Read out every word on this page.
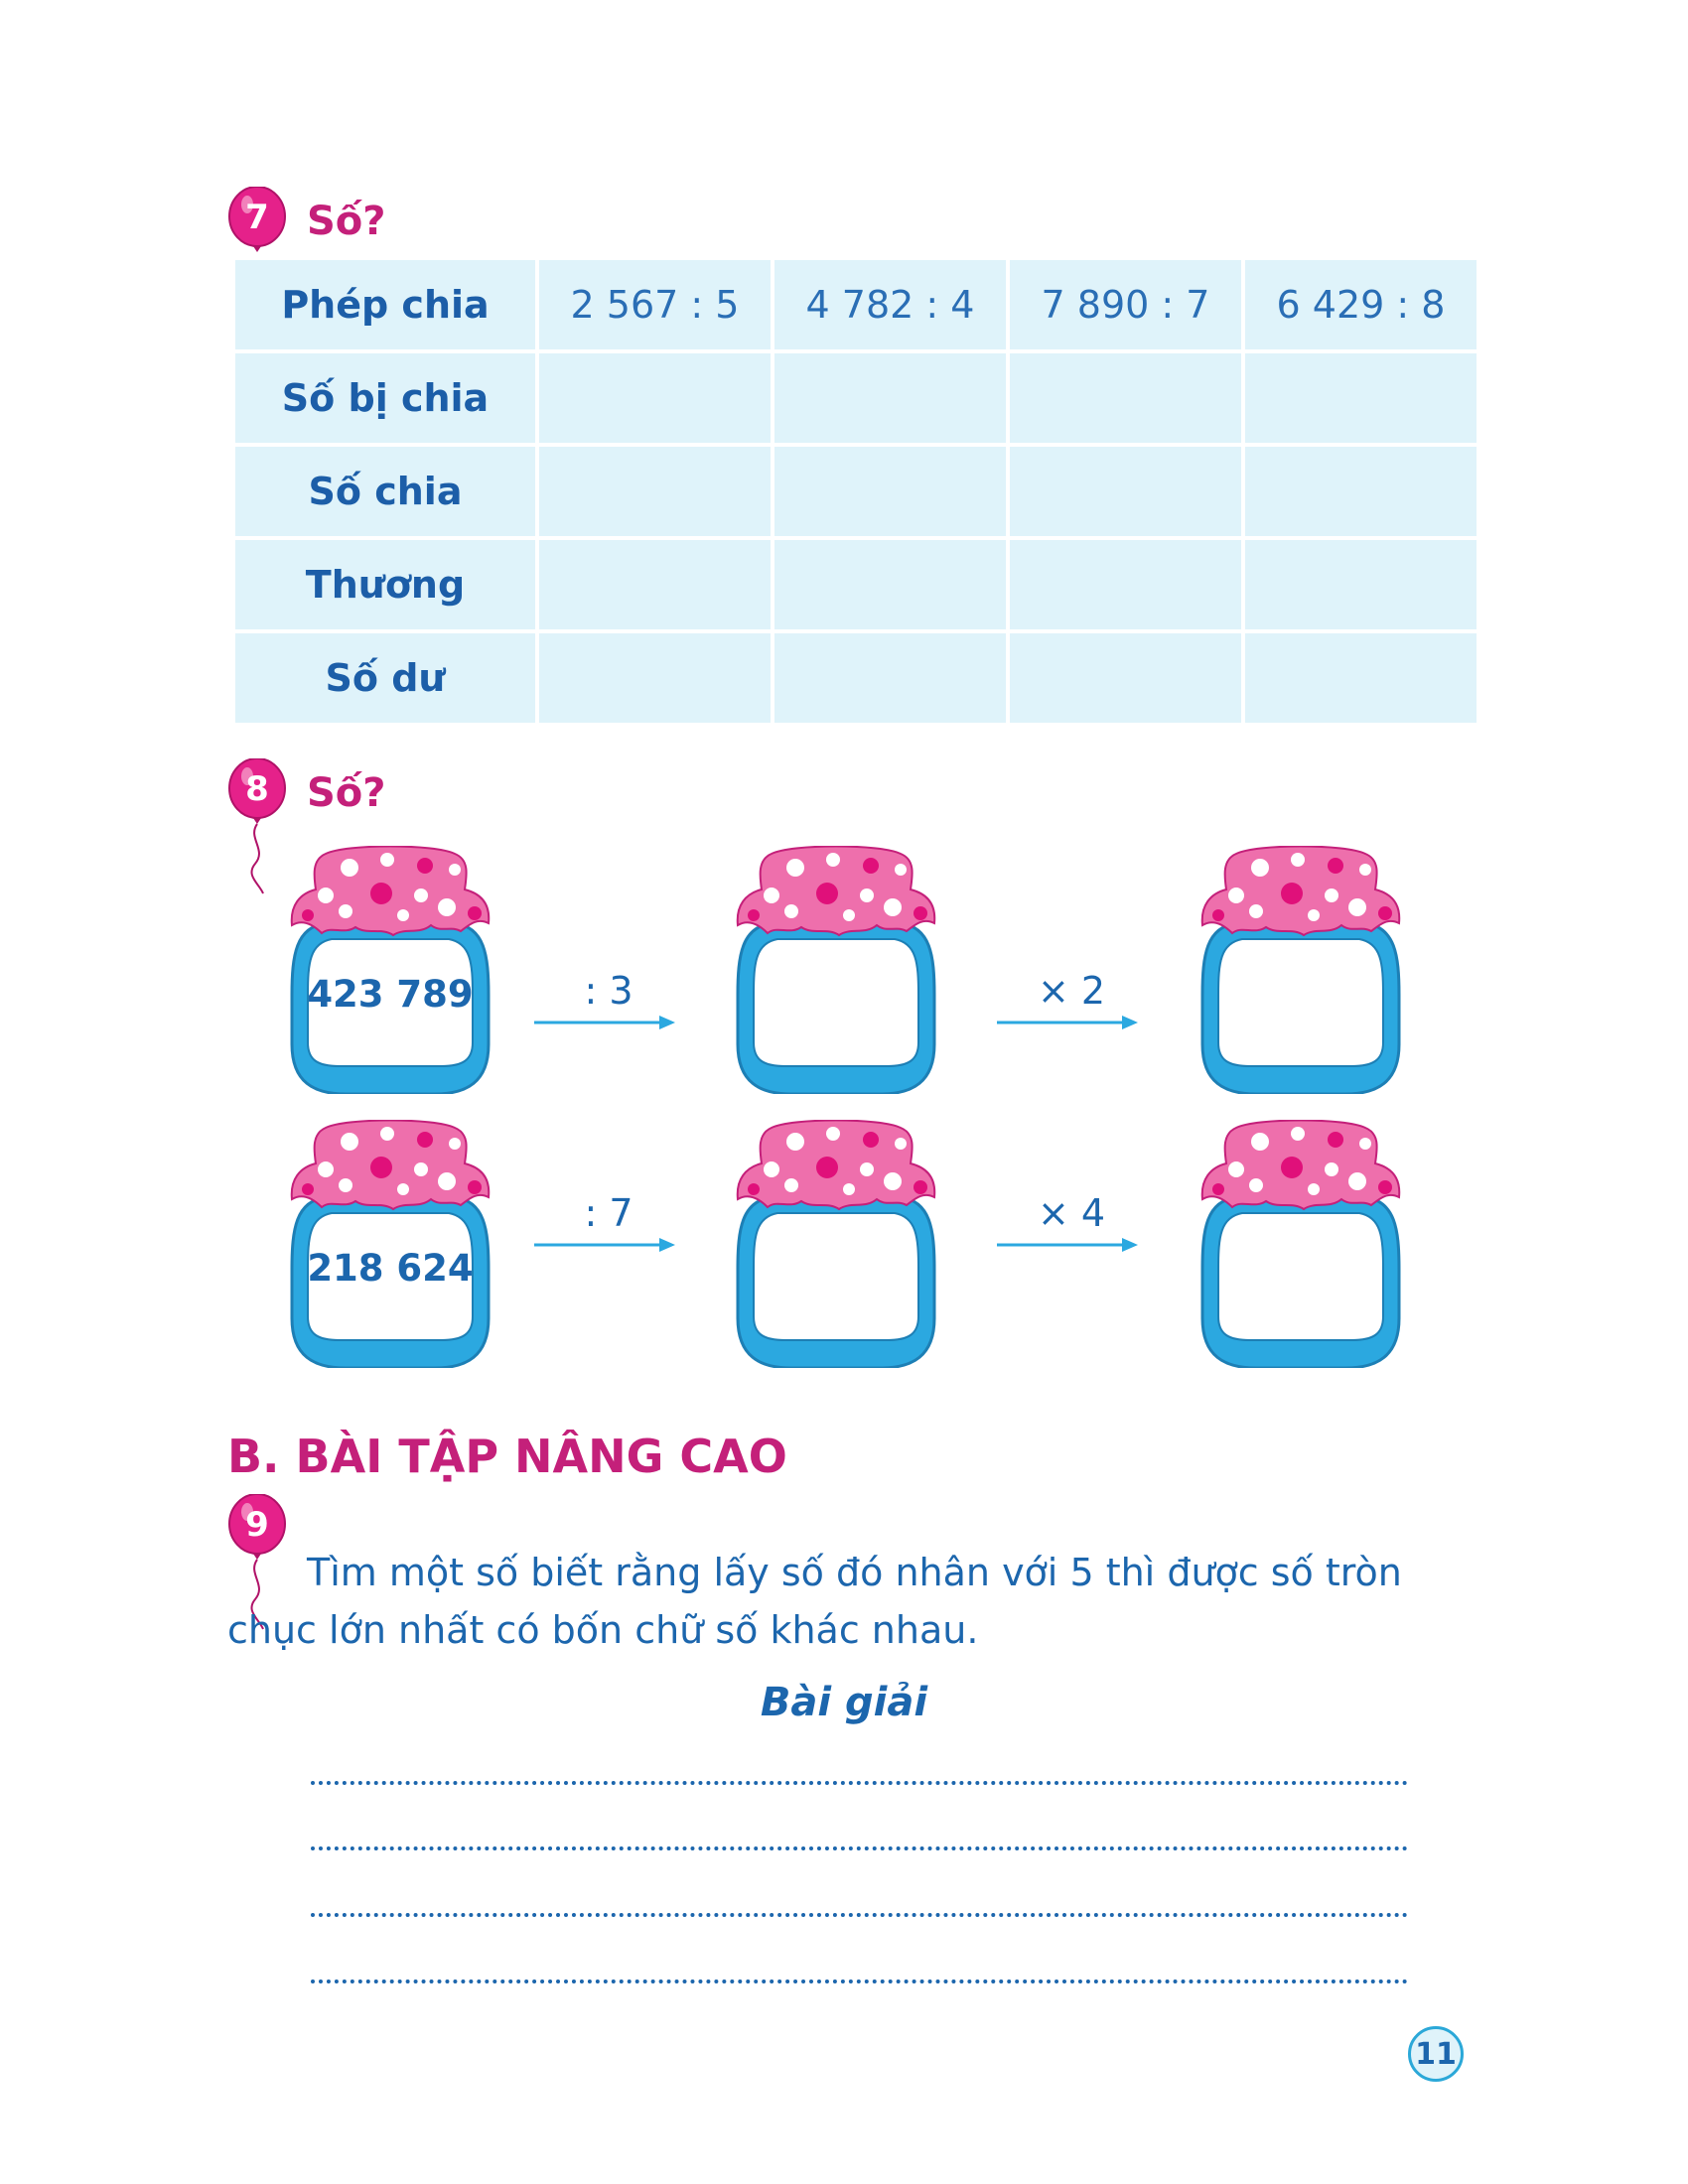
7 Số?
Phép chia	2 567 : 5	4 782 : 4	7 890 : 7	6 429 : 8
Số bị chia
Số chia
Thương
Số dư
8 Số?
423 789	: 3	× 2
218 624
: 7	× 4
B. BÀI TẬP NÂNG CAO
9
Tìm một số biết rằng lấy số đó nhân với 5 thì được số tròn chục lớn nhất có bốn chữ số khác nhau.
Bài giải
11
